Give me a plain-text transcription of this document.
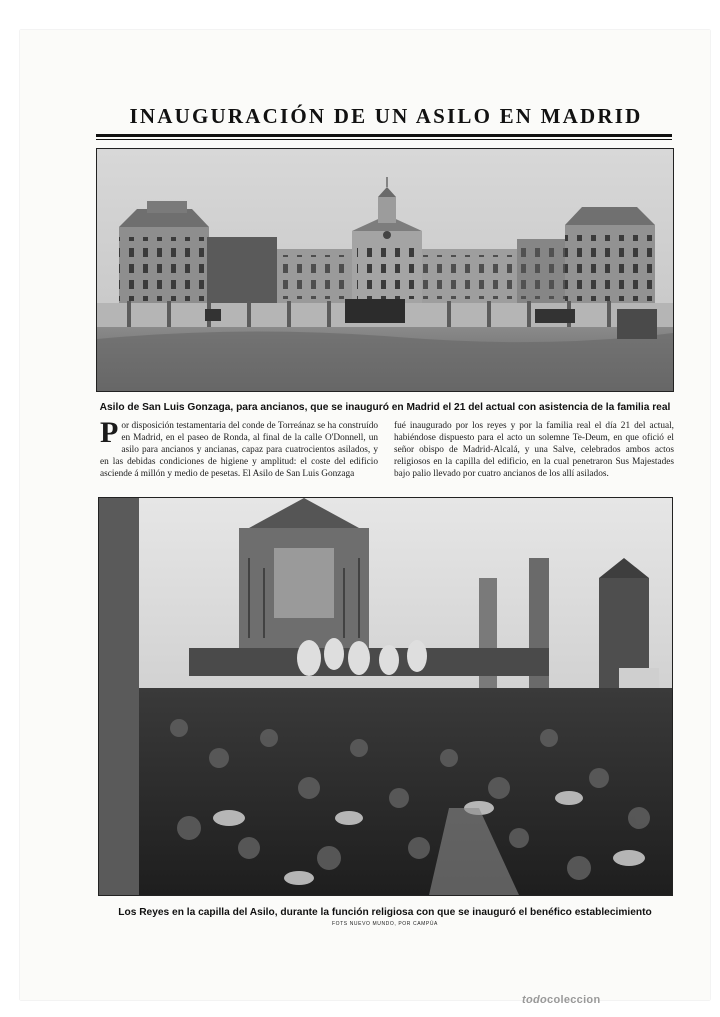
INAUGURACIÓN DE UN ASILO EN MADRID
Asilo de San Luis Gonzaga, para ancianos, que se inauguró en Madrid el 21 del actual con asistencia de la familia real

Por disposición testamentaria del conde de Torreánaz se ha construído en Madrid, en el paseo de Ronda, al final de la calle O'Donnell, un asilo para ancianos y ancianas, capaz para cuatrocientos asilados, y en las debidas condiciones de higiene y amplitud: el coste del edificio asciende á millón y medio de pesetas. El Asilo de San Luis Gonzaga

fué inaugurado por los reyes y por la familia real el día 21 del actual, habiéndose dispuesto para el acto un solemne Te-Deum, en que ofició el señor obispo de Madrid-Alcalá, y una Salve, celebrados ambos actos religiosos en la capilla del edificio, en la cual penetraron Sus Majestades bajo palio llevado por cuatro ancianos de los allí asilados.

Los Reyes en la capilla del Asilo, durante la función religiosa con que se inauguró el benéfico establecimiento
FOTS NUEVO MUNDO, POR CAMPÚA
todocoleccion
